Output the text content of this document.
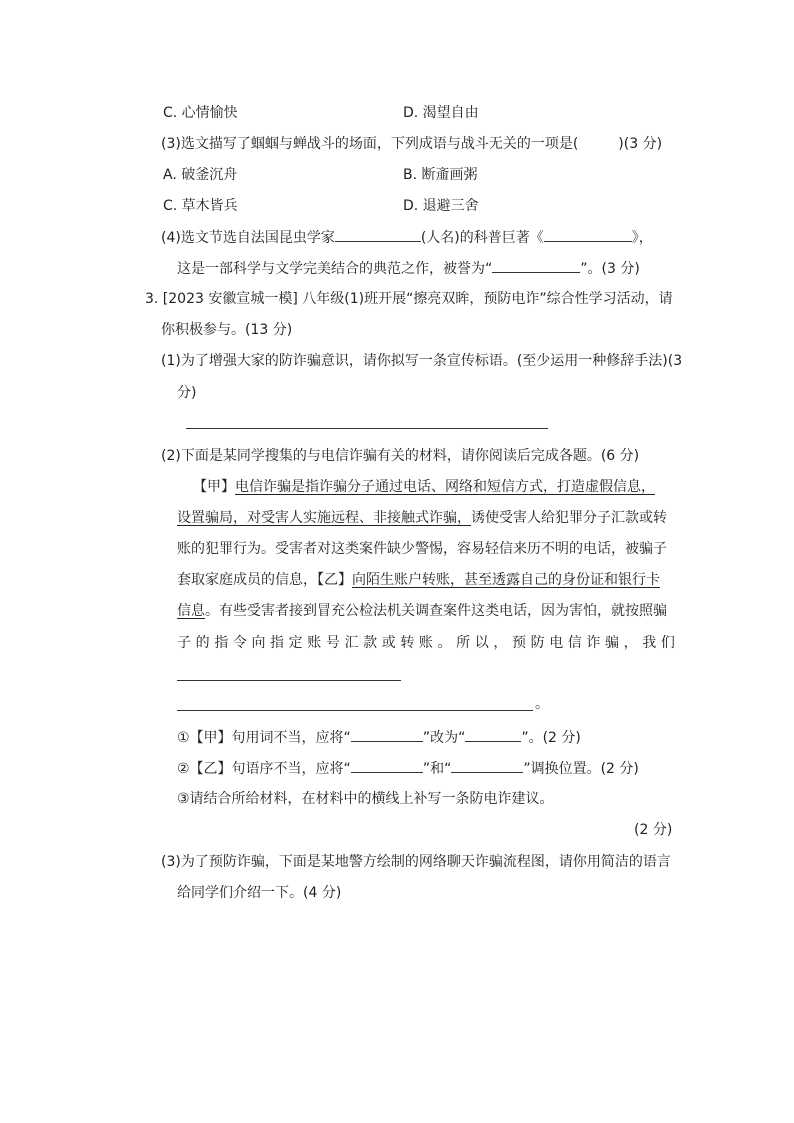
C. 心情愉快	D. 渴望自由
(3)选文描写了蝈蝈与蝉战斗的场面，下列成语与战斗无关的一项是(	)(3 分)
A. 破釜沉舟	B. 断齑画粥
C. 草木皆兵	D. 退避三舍
(4)选文节选自法国昆虫学家	(人名)的科普巨著《	》，
这是一部科学与文学完美结合的典范之作，被誉为“	”。(3 分)
3. [2023 安徽宣城一模] 八年级(1)班开展“擦亮双眸，预防电诈”综合性学习活动，请
你积极参与。(13 分)
(1)为了增强大家的防诈骗意识，请你拟写一条宣传标语。(至少运用一种修辞手法)(3
分)
(2)下面是某同学搜集的与电信诈骗有关的材料，请你阅读后完成各题。(6 分)
【甲】电信诈骗是指诈骗分子通过电话、网络和短信方式，打造虚假信息，
设置骗局，对受害人实施远程、非接触式诈骗，诱使受害人给犯罪分子汇款或转
账的犯罪行为。受害者对这类案件缺少警惕，容易轻信来历不明的电话，被骗子
套取家庭成员的信息，【乙】向陌生账户转账，甚至透露自己的身份证和银行卡
信息。有些受害者接到冒充公检法机关调查案件这类电话，因为害怕，就按照骗
子 的 指 令 向 指 定 账 号 汇 款 或 转 账 。 所 以 ， 预 防 电 信 诈 骗 ， 我 们
。
①【甲】句用词不当，应将“	”改为“	”。(2 分)
②【乙】句语序不当，应将“	”和“	”调换位置。(2 分)
③请结合所给材料，在材料中的横线上补写一条防电诈建议。
(2 分)
(3)为了预防诈骗，下面是某地警方绘制的网络聊天诈骗流程图，请你用简洁的语言
给同学们介绍一下。(4 分)
